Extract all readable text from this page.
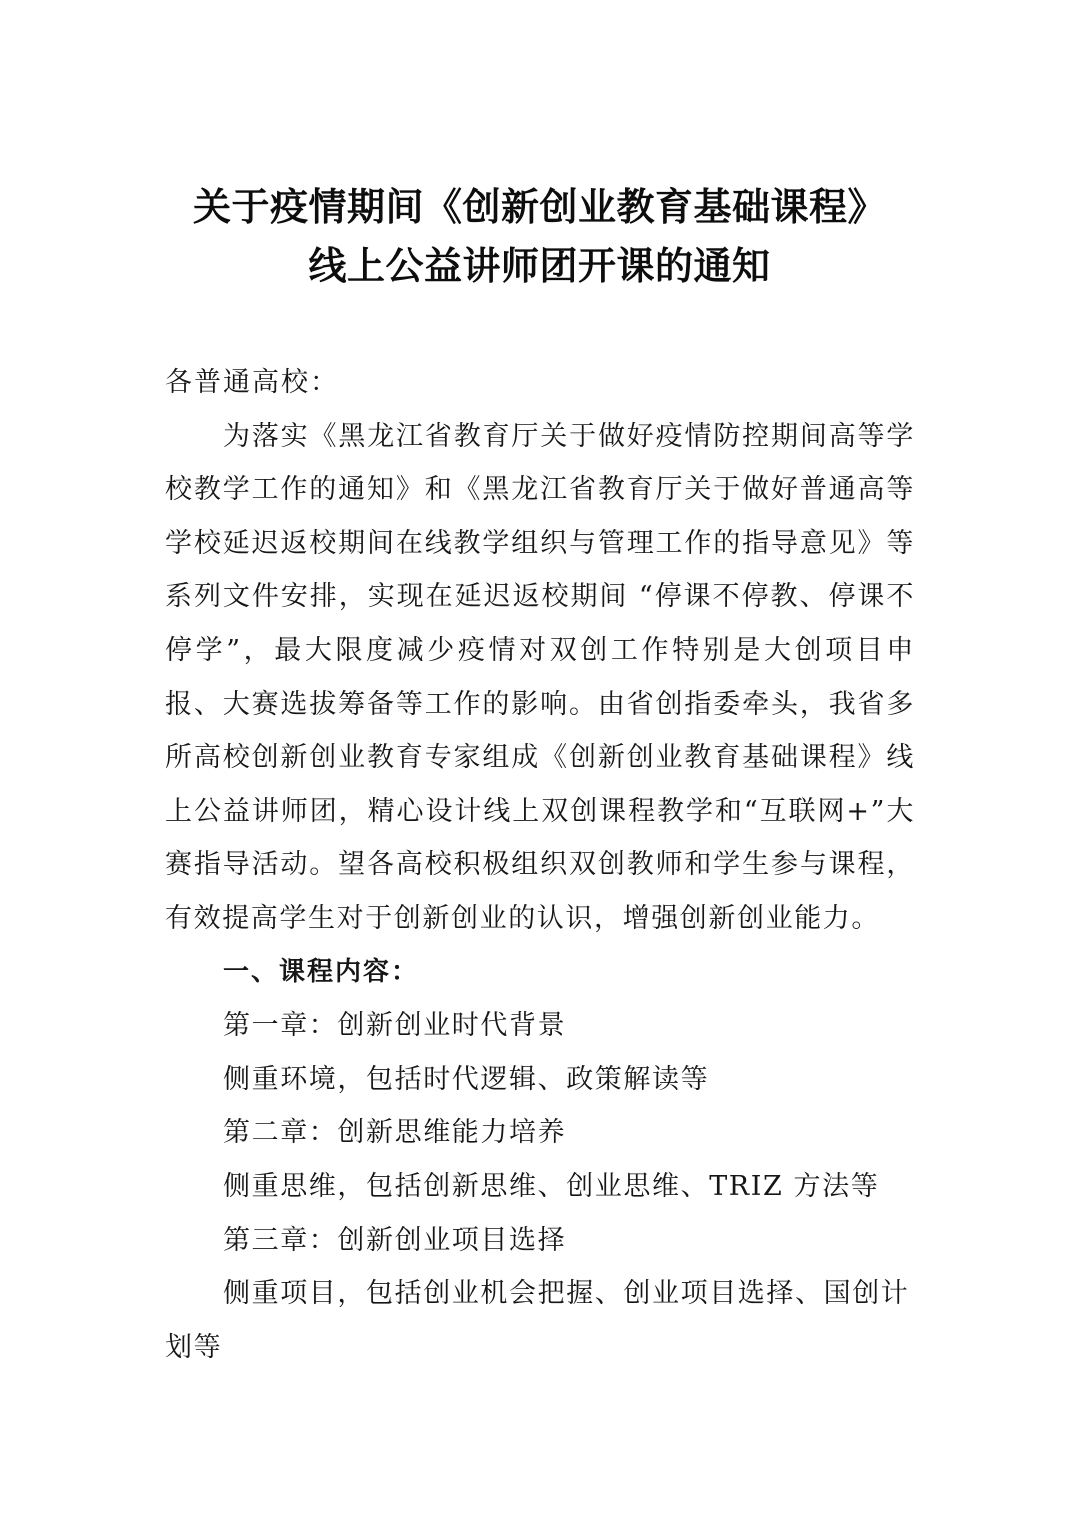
关于疫情期间《创新创业教育基础课程》
线上公益讲师团开课的通知

各普通高校：

为落实《黑龙江省教育厅关于做好疫情防控期间高等学校教学工作的通知》和《黑龙江省教育厅关于做好普通高等学校延迟返校期间在线教学组织与管理工作的指导意见》等系列文件安排，实现在延迟返校期间 “停课不停教、停课不停学”，最大限度减少疫情对双创工作特别是大创项目申报、大赛选拔筹备等工作的影响。由省创指委牵头，我省多所高校创新创业教育专家组成《创新创业教育基础课程》线上公益讲师团，精心设计线上双创课程教学和“互联网+”大赛指导活动。望各高校积极组织双创教师和学生参与课程，有效提高学生对于创新创业的认识，增强创新创业能力。

一、课程内容：

第一章：创新创业时代背景

侧重环境，包括时代逻辑、政策解读等

第二章：创新思维能力培养

侧重思维，包括创新思维、创业思维、TRIZ 方法等

第三章：创新创业项目选择

侧重项目，包括创业机会把握、创业项目选择、国创计划等
